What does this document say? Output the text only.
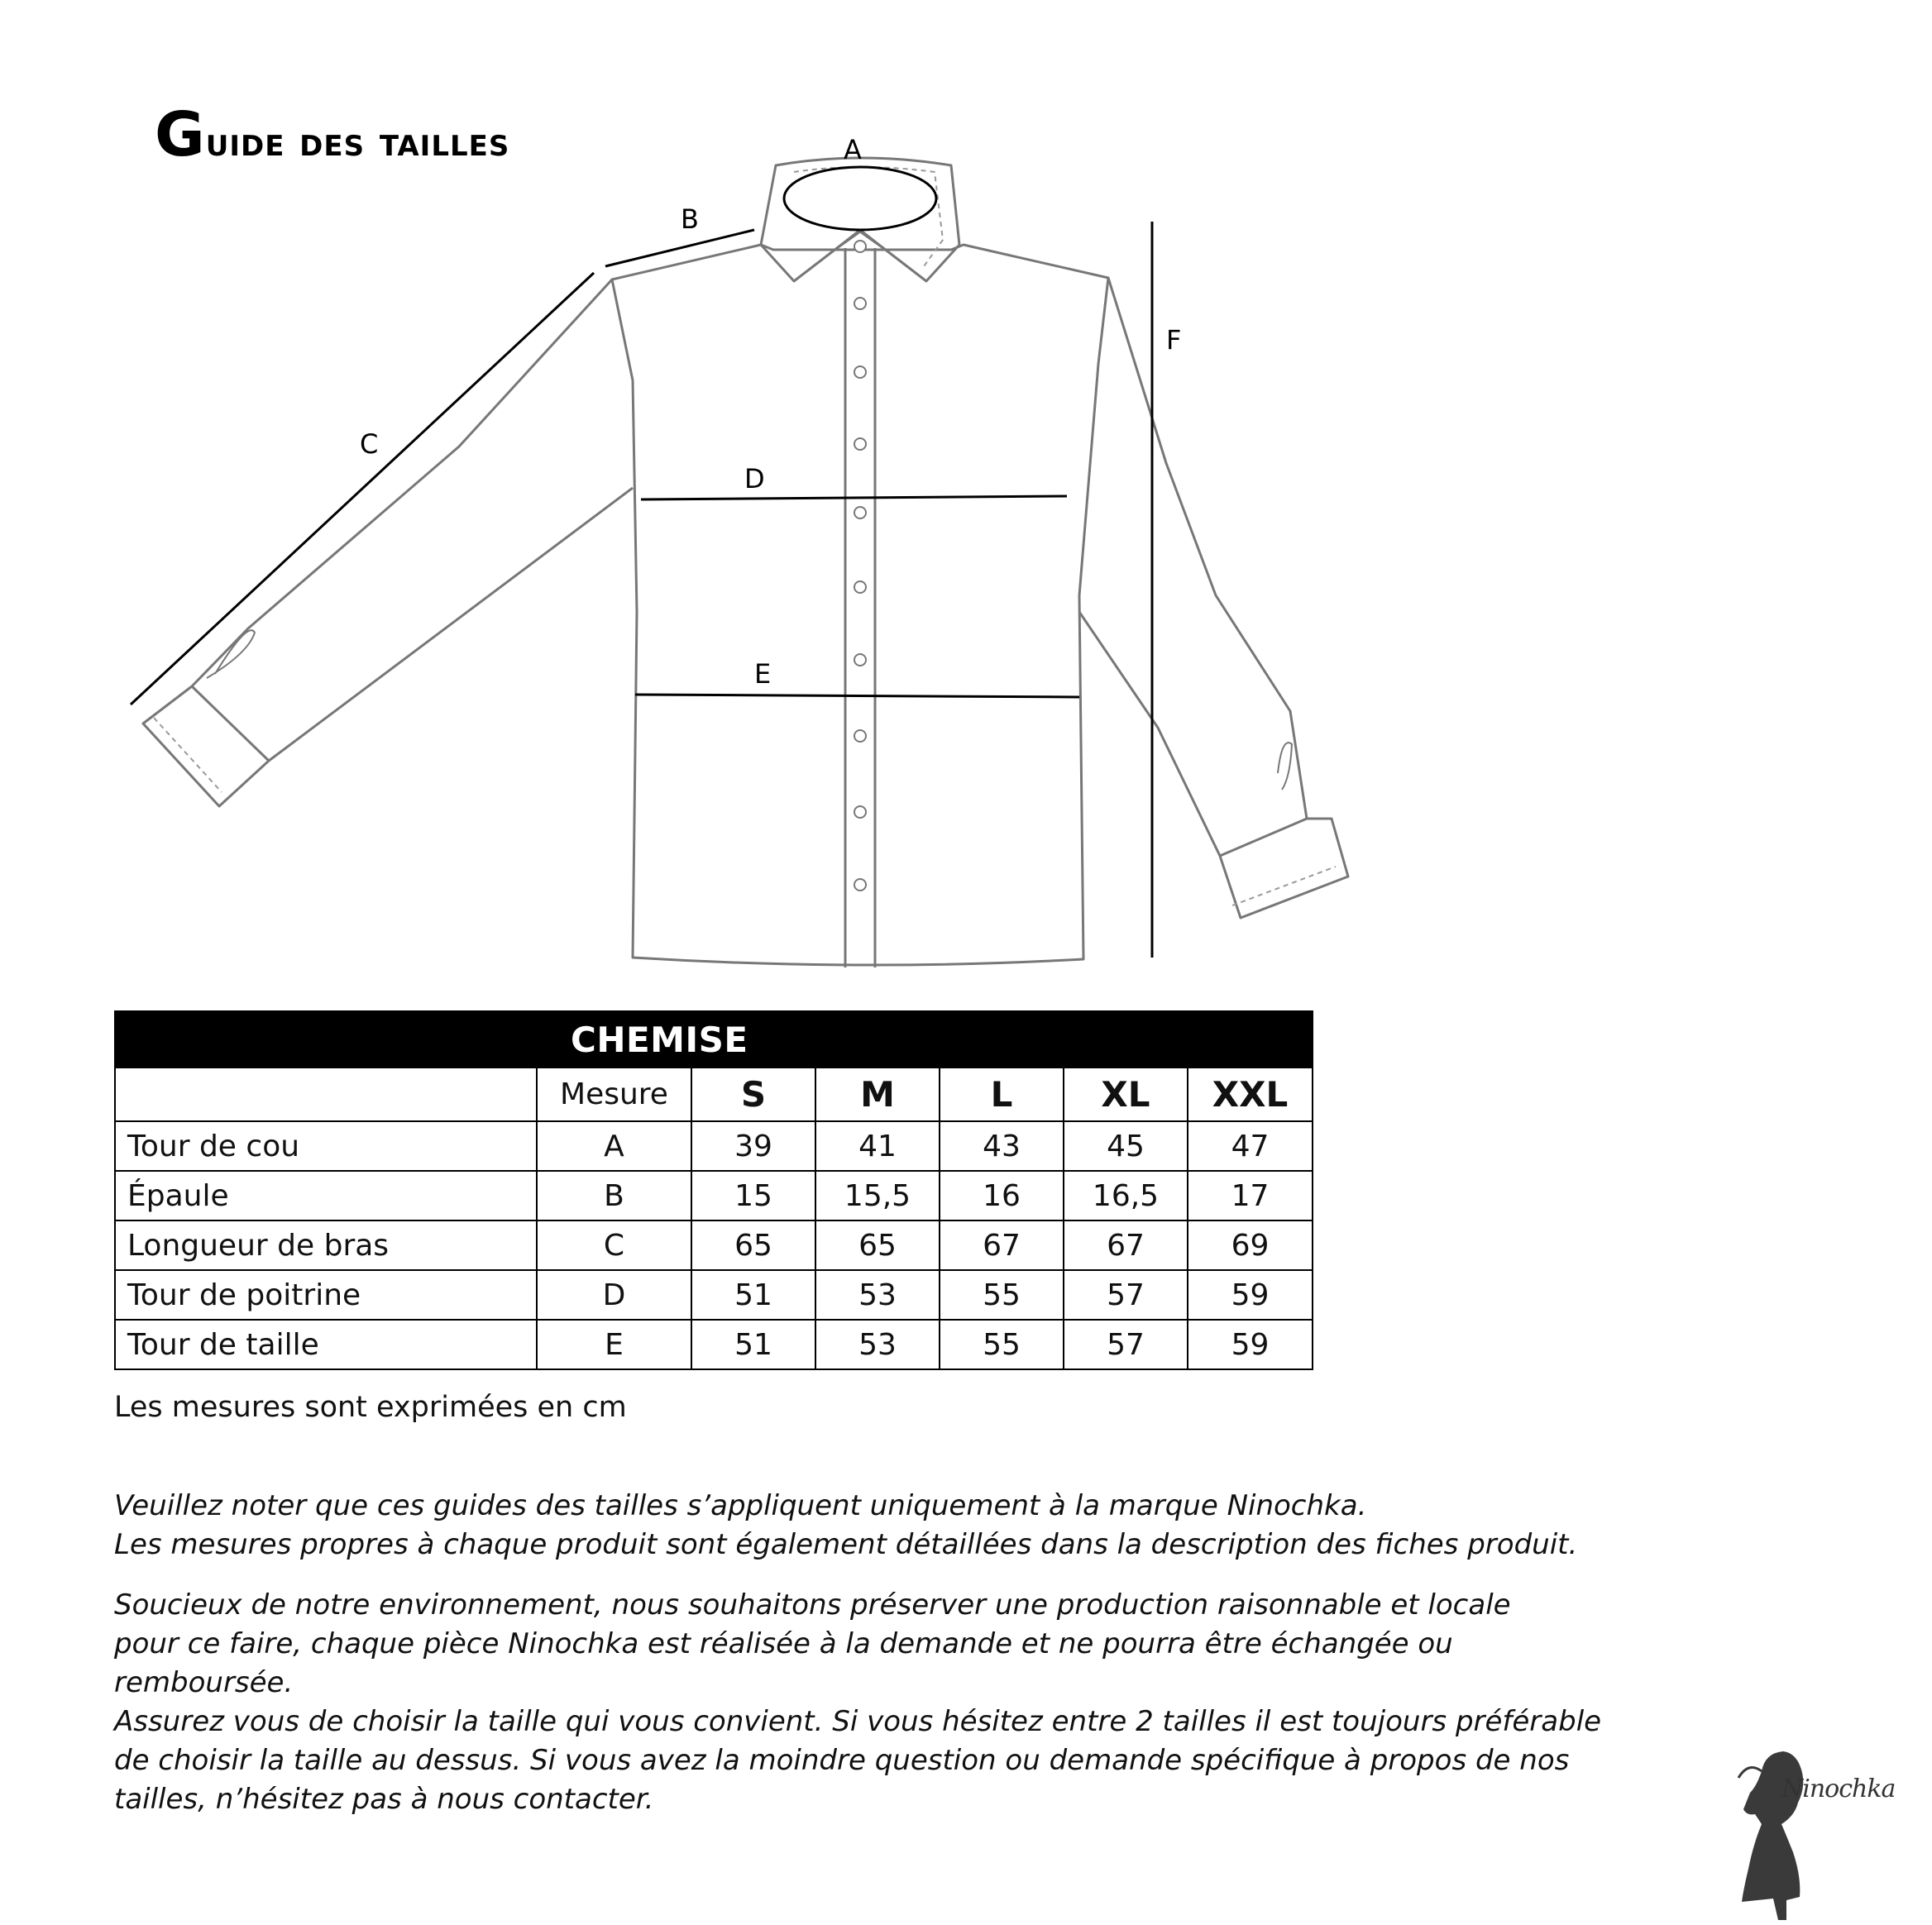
Guide des tailles	A
B
C
D
E
F
CHEMISE						
	Mesure	S	M	L	XL	XXL
Tour de cou	A	39	41	43	45	47
Épaule	B	15	15,5	16	16,5	17
Longueur de bras	C	65	65	67	67	69
Tour de poitrine	D	51	53	55	57	59
Tour de taille	E	51	53	55	57	59

Les mesures sont exprimées en cm

Veuillez noter que ces guides des tailles s’appliquent uniquement à la marque Ninochka.

Les mesures propres à chaque produit sont également détaillées dans la description des fiches produit.

Soucieux de notre environnement, nous souhaitons préserver une production raisonnable et locale

pour ce faire, chaque pièce Ninochka est réalisée à la demande et ne pourra être échangée ou

remboursée.

Assurez vous de choisir la taille qui vous convient. Si vous hésitez entre 2 tailles il est toujours préférable

de choisir la taille au dessus. Si vous avez la moindre question ou demande spécifique à propos de nos

tailles, n’hésitez pas à nous contacter.	Ninochka
